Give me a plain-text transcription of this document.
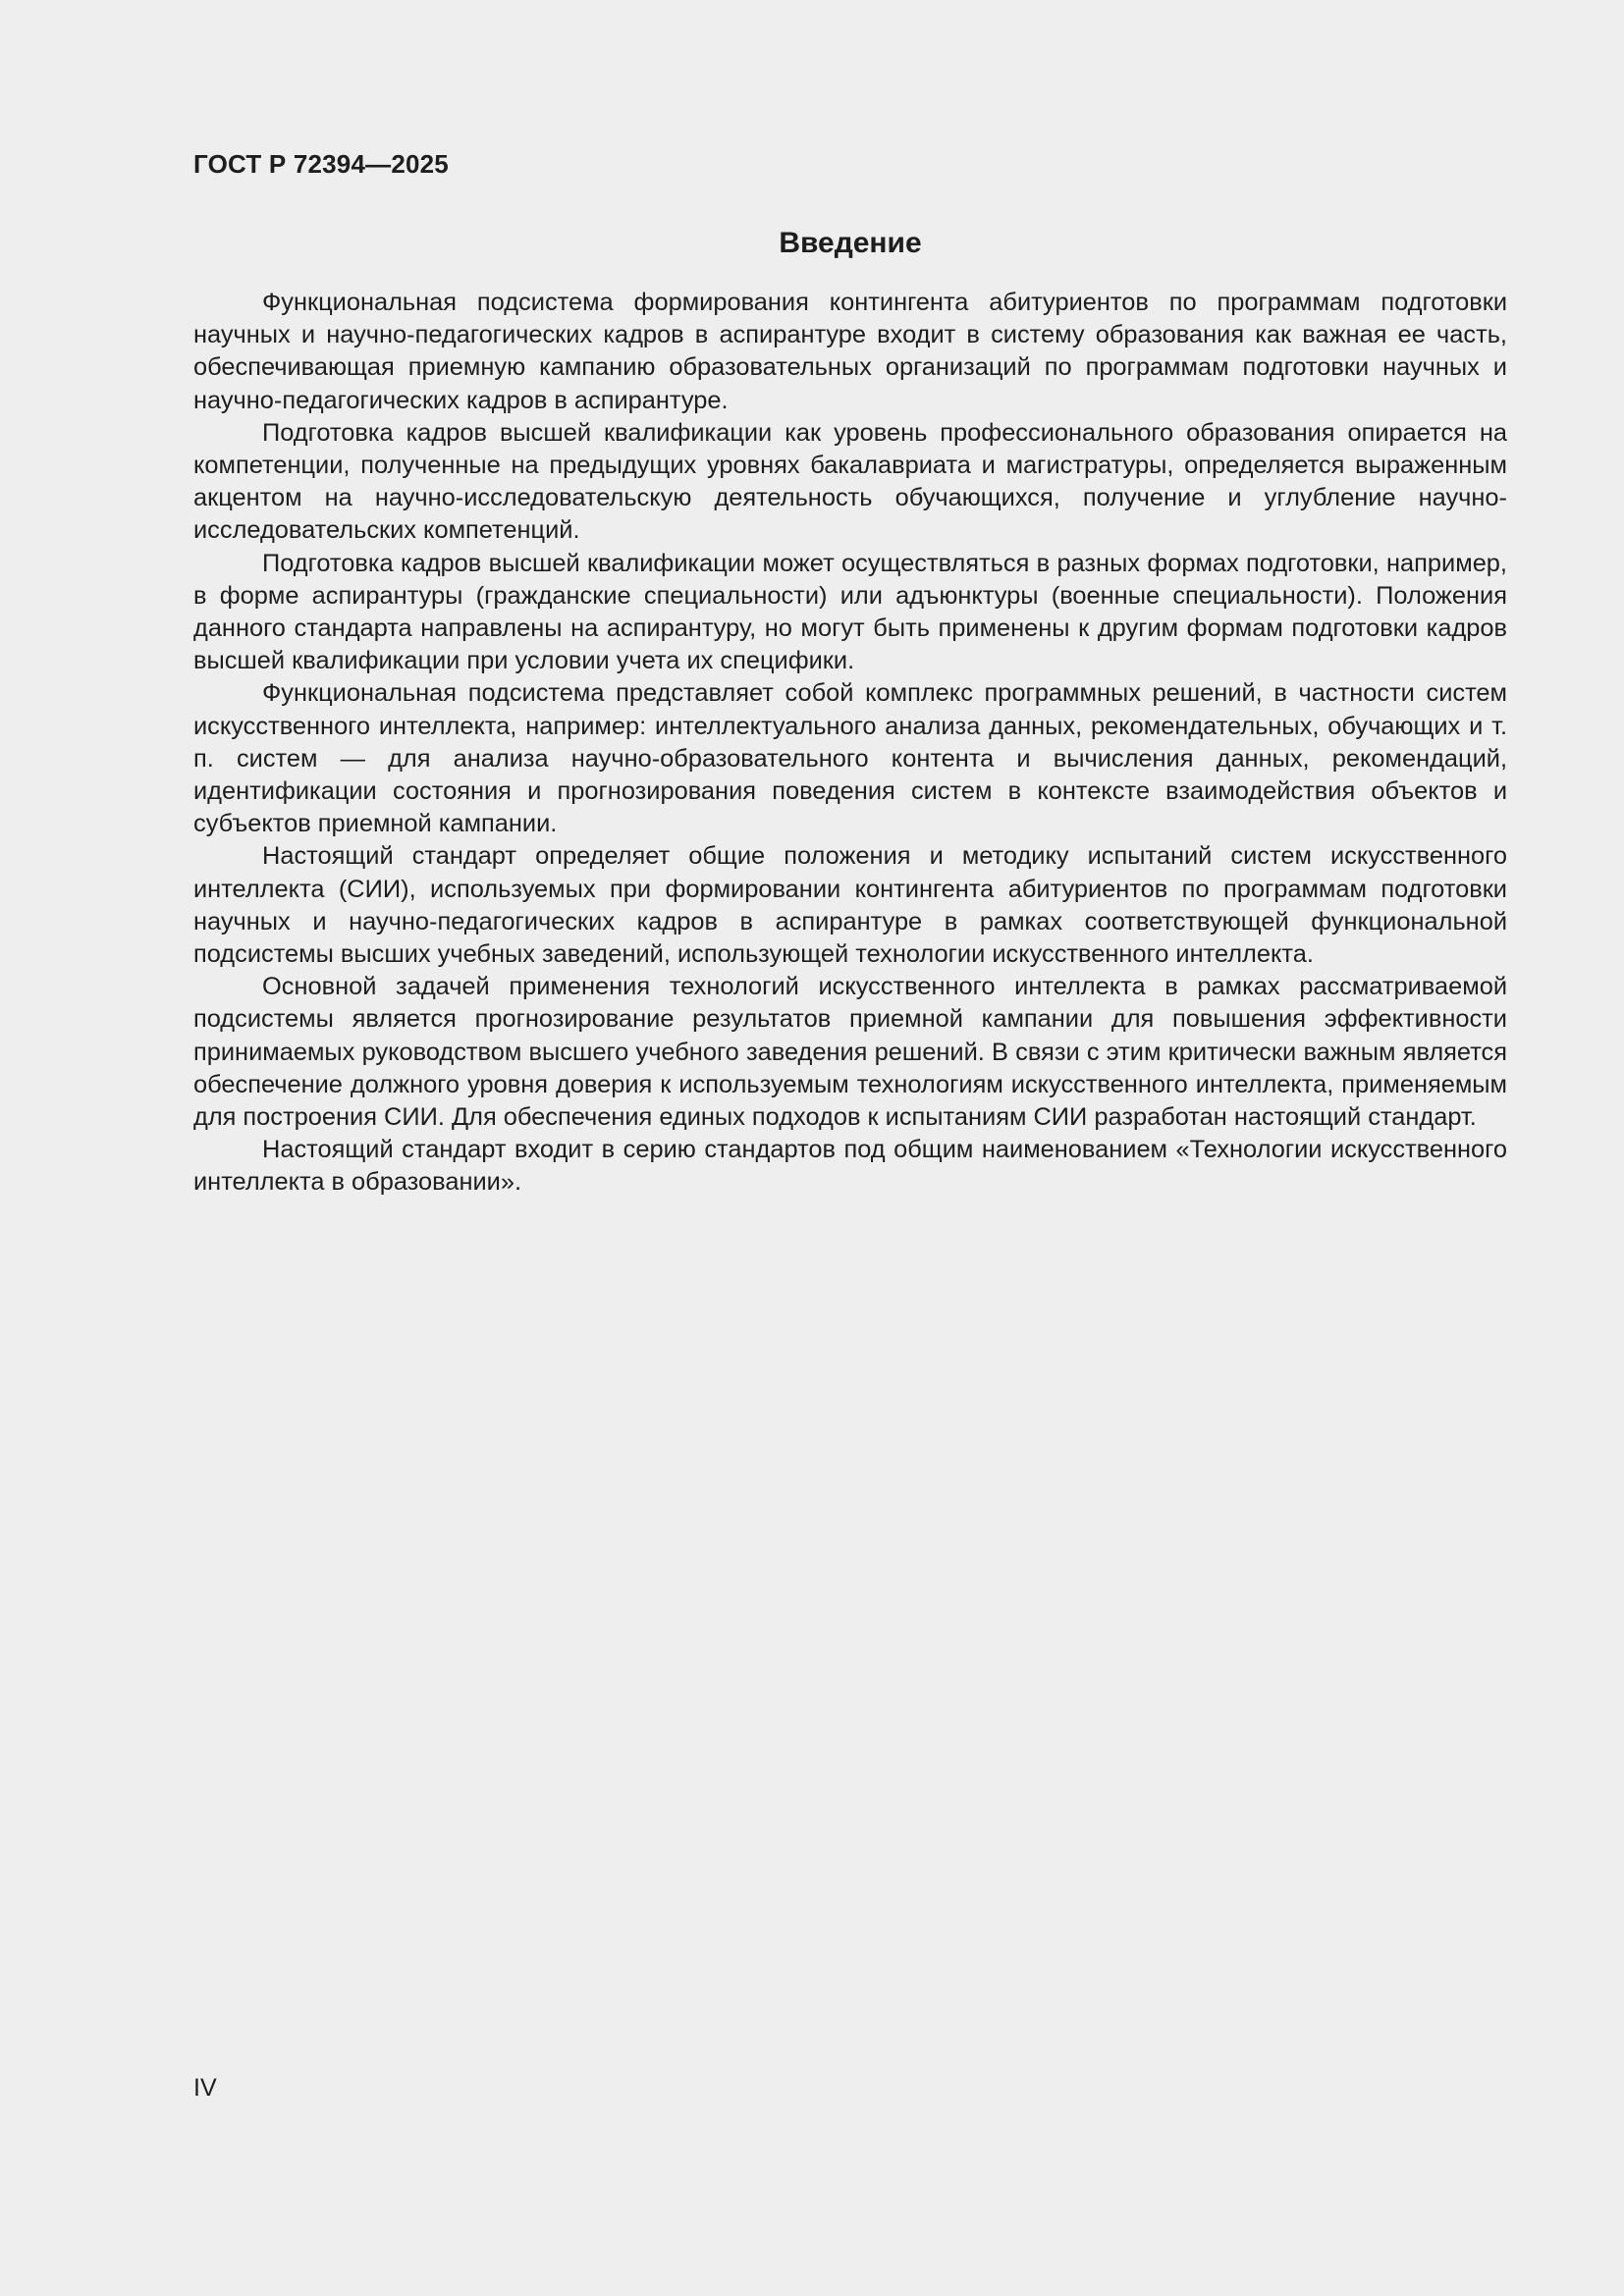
ГОСТ Р 72394—2025
Введение

Функциональная подсистема формирования контингента абитуриентов по программам подготовки научных и научно-педагогических кадров в аспирантуре входит в систему образования как важная ее часть, обеспечивающая приемную кампанию образовательных организаций по программам подготовки научных и научно-педагогических кадров в аспирантуре.

Подготовка кадров высшей квалификации как уровень профессионального образования опирается на компетенции, полученные на предыдущих уровнях бакалавриата и магистратуры, определяется выраженным акцентом на научно-исследовательскую деятельность обучающихся, получение и углубление научно-исследовательских компетенций.

Подготовка кадров высшей квалификации может осуществляться в разных формах подготовки, например, в форме аспирантуры (гражданские специальности) или адъюнктуры (военные специальности). Положения данного стандарта направлены на аспирантуру, но могут быть применены к другим формам подготовки кадров высшей квалификации при условии учета их специфики.

Функциональная подсистема представляет собой комплекс программных решений, в частности систем искусственного интеллекта, например: интеллектуального анализа данных, рекомендательных, обучающих и т. п. систем — для анализа научно-образовательного контента и вычисления данных, рекомендаций, идентификации состояния и прогнозирования поведения систем в контексте взаимодействия объектов и субъектов приемной кампании.

Настоящий стандарт определяет общие положения и методику испытаний систем искусственного интеллекта (СИИ), используемых при формировании контингента абитуриентов по программам подготовки научных и научно-педагогических кадров в аспирантуре в рамках соответствующей функциональной подсистемы высших учебных заведений, использующей технологии искусственного интеллекта.

Основной задачей применения технологий искусственного интеллекта в рамках рассматриваемой подсистемы является прогнозирование результатов приемной кампании для повышения эффективности принимаемых руководством высшего учебного заведения решений. В связи с этим критически важным является обеспечение должного уровня доверия к используемым технологиям искусственного интеллекта, применяемым для построения СИИ. Для обеспечения единых подходов к испытаниям СИИ разработан настоящий стандарт.

Настоящий стандарт входит в серию стандартов под общим наименованием «Технологии искусственного интеллекта в образовании».

IV
